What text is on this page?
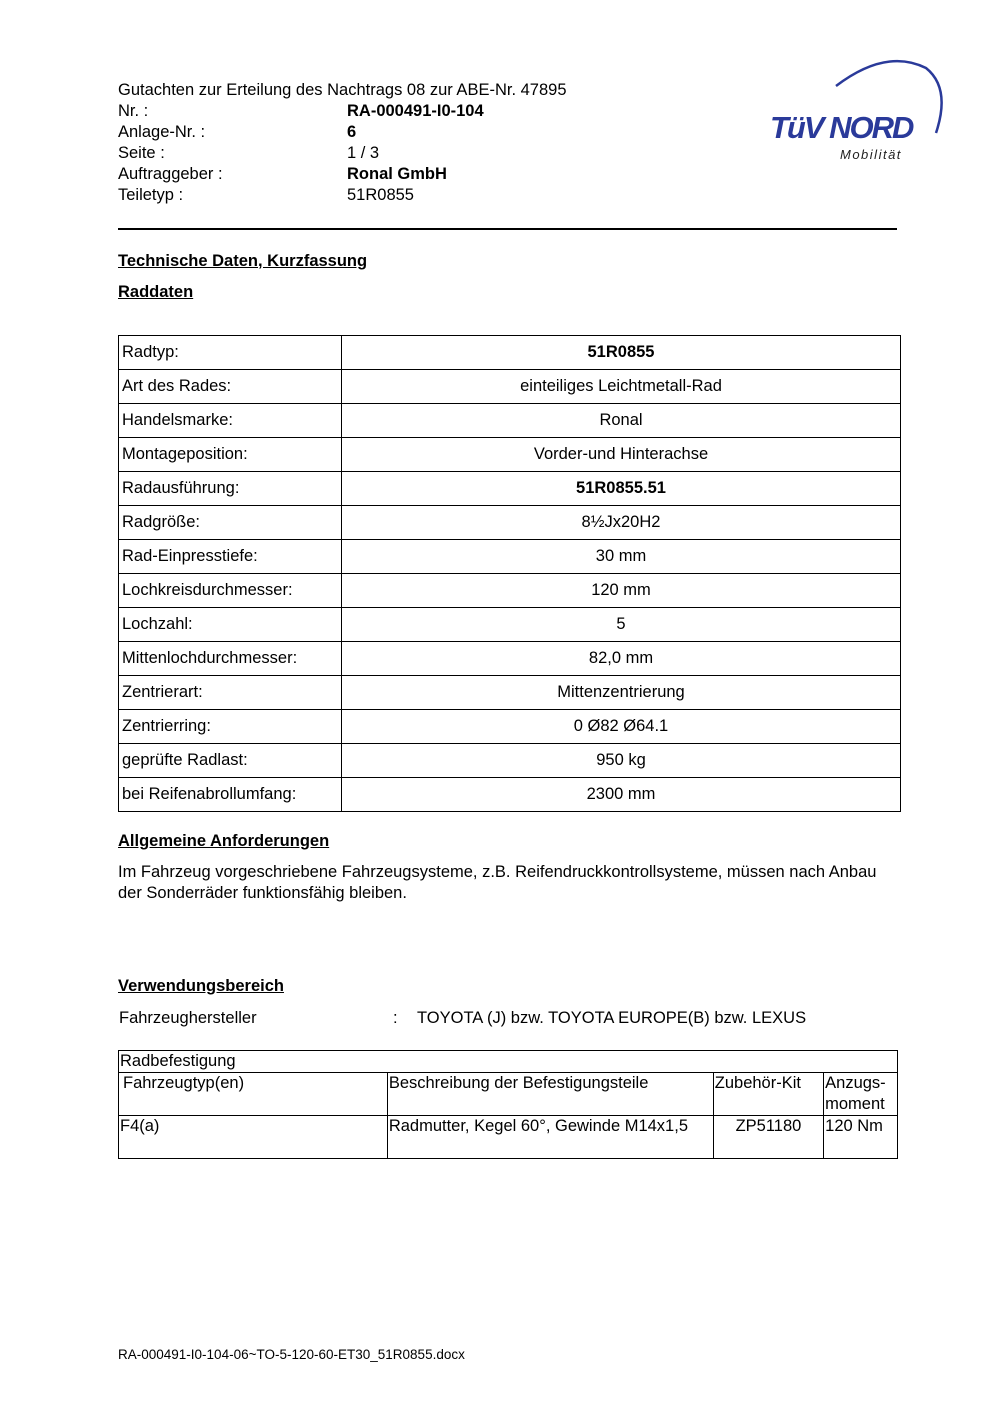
Gutachten zur Erteilung des Nachtrags 08 zur ABE-Nr. 47895
Nr. :	RA-000491-I0-104
Anlage-Nr. :	6
Seite :	1 / 3
Auftraggeber :	Ronal GmbH
Teiletyp :	51R0855
TüV NORD
Mobilität
Technische Daten, Kurzfassung
Raddaten
Radtyp:	51R0855
Art des Rades:	einteiliges Leichtmetall-Rad
Handelsmarke:	Ronal
Montageposition:	Vorder-und Hinterachse
Radausführung:	51R0855.51
Radgröße:	8½Jx20H2
Rad-Einpresstiefe:	30 mm
Lochkreisdurchmesser:	120 mm
Lochzahl:	5
Mittenlochdurchmesser:	82,0 mm
Zentrierart:	Mittenzentrierung
Zentrierring:	0 Ø82 Ø64.1
geprüfte Radlast:	950 kg
bei Reifenabrollumfang:	2300 mm
Allgemeine Anforderungen
Im Fahrzeug vorgeschriebene Fahrzeugsysteme, z.B. Reifendruckkontrollsysteme, müssen nach Anbau der Sonderräder funktionsfähig bleiben.
Verwendungsbereich
Fahrzeughersteller	: TOYOTA (J) bzw. TOYOTA EUROPE(B) bzw. LEXUS
Radbefestigung			
Fahrzeugtyp(en)	Beschreibung der Befestigungsteile	Zubehör-Kit	Anzugs-
moment

F4(a)	Radmutter, Kegel 60°, Gewinde M14x1,5	ZP51180	120 Nm
RA-000491-I0-104-06~TO-5-120-60-ET30_51R0855.docx
